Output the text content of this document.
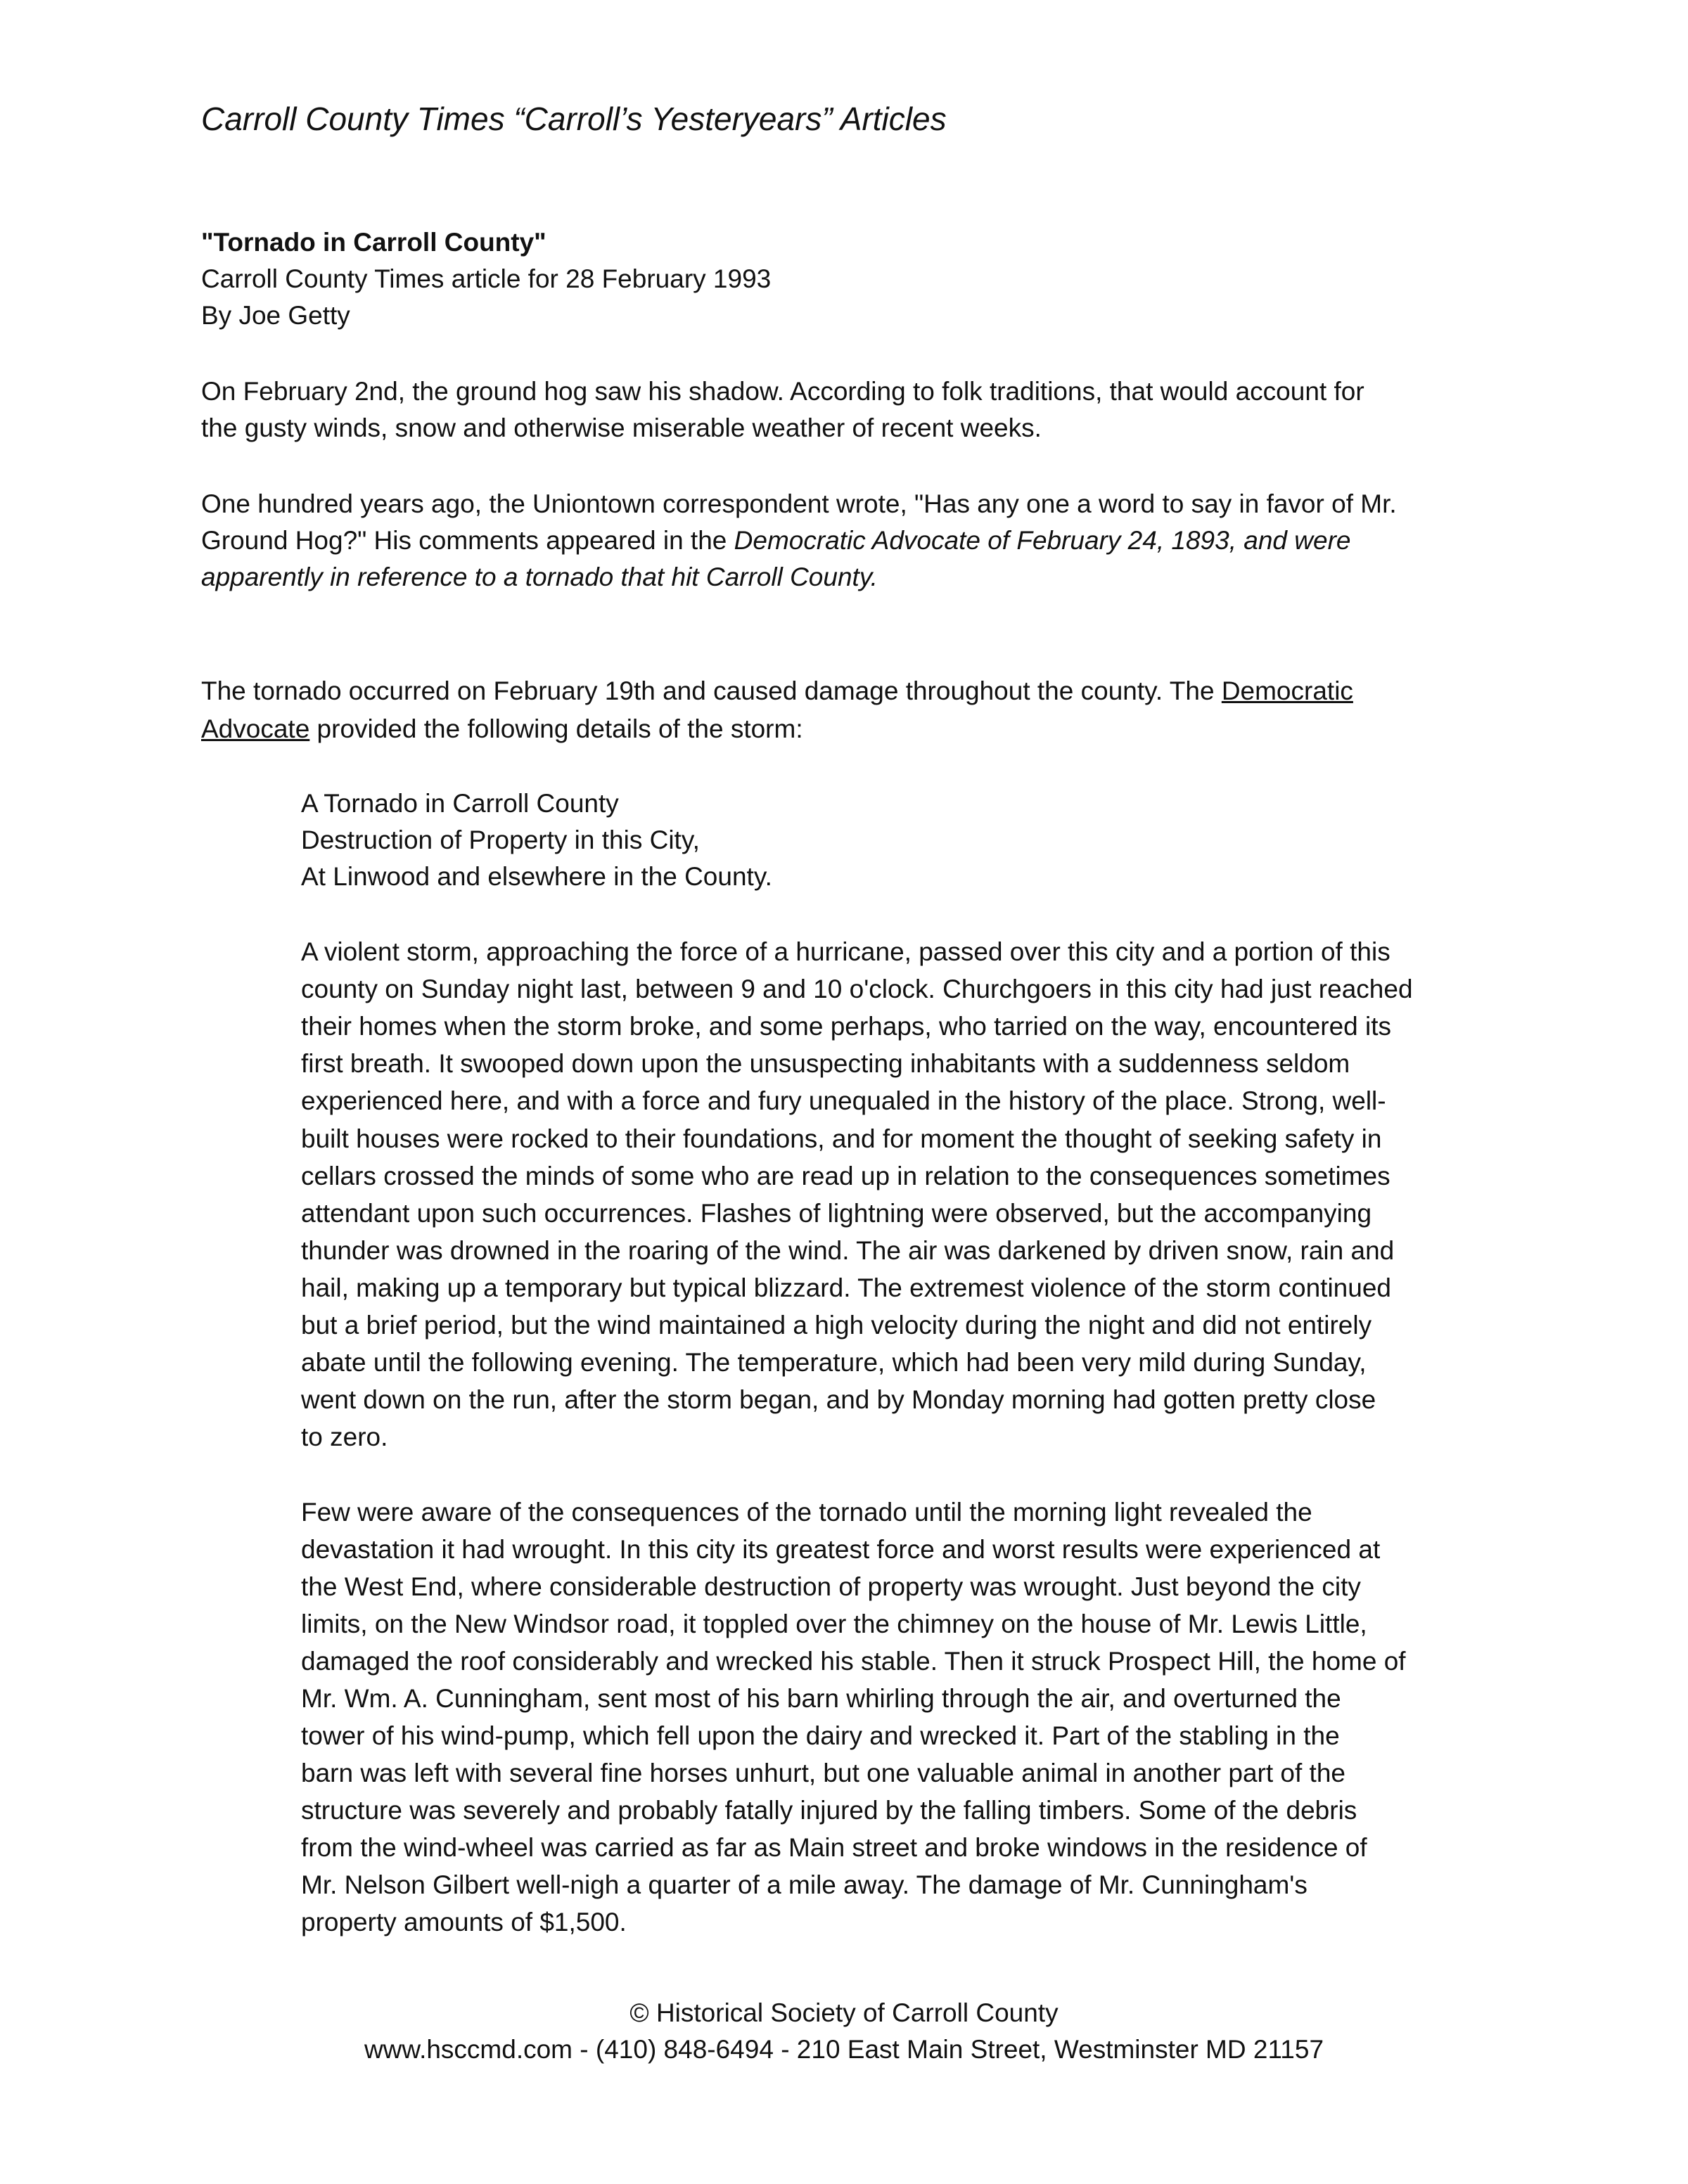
Carroll County Times “Carroll’s Yesteryears” Articles
"Tornado in Carroll County"
Carroll County Times article for 28 February 1993
By Joe Getty
On February 2nd, the ground hog saw his shadow. According to folk traditions, that would account for
the gusty winds, snow and otherwise miserable weather of recent weeks.
One hundred years ago, the Uniontown correspondent wrote, "Has any one a word to say in favor of Mr.
Ground Hog?" His comments appeared in the Democratic Advocate of February 24, 1893, and were
apparently in reference to a tornado that hit Carroll County.
The tornado occurred on February 19th and caused damage throughout the county. The Democratic
Advocate provided the following details of the storm:
A Tornado in Carroll County
Destruction of Property in this City,
At Linwood and elsewhere in the County.
A violent storm, approaching the force of a hurricane, passed over this city and a portion of this
county on Sunday night last, between 9 and 10 o'clock. Churchgoers in this city had just reached
their homes when the storm broke, and some perhaps, who tarried on the way, encountered its
first breath. It swooped down upon the unsuspecting inhabitants with a suddenness seldom
experienced here, and with a force and fury unequaled in the history of the place. Strong, well-
built houses were rocked to their foundations, and for moment the thought of seeking safety in
cellars crossed the minds of some who are read up in relation to the consequences sometimes
attendant upon such occurrences. Flashes of lightning were observed, but the accompanying
thunder was drowned in the roaring of the wind. The air was darkened by driven snow, rain and
hail, making up a temporary but typical blizzard. The extremest violence of the storm continued
but a brief period, but the wind maintained a high velocity during the night and did not entirely
abate until the following evening. The temperature, which had been very mild during Sunday,
went down on the run, after the storm began, and by Monday morning had gotten pretty close
to zero.
Few were aware of the consequences of the tornado until the morning light revealed the
devastation it had wrought. In this city its greatest force and worst results were experienced at
the West End, where considerable destruction of property was wrought. Just beyond the city
limits, on the New Windsor road, it toppled over the chimney on the house of Mr. Lewis Little,
damaged the roof considerably and wrecked his stable. Then it struck Prospect Hill, the home of
Mr. Wm. A. Cunningham, sent most of his barn whirling through the air, and overturned the
tower of his wind-pump, which fell upon the dairy and wrecked it. Part of the stabling in the
barn was left with several fine horses unhurt, but one valuable animal in another part of the
structure was severely and probably fatally injured by the falling timbers. Some of the debris
from the wind-wheel was carried as far as Main street and broke windows in the residence of
Mr. Nelson Gilbert well-nigh a quarter of a mile away. The damage of Mr. Cunningham's
property amounts of $1,500.
© Historical Society of Carroll County
www.hsccmd.com - (410) 848-6494 - 210 East Main Street, Westminster MD 21157
